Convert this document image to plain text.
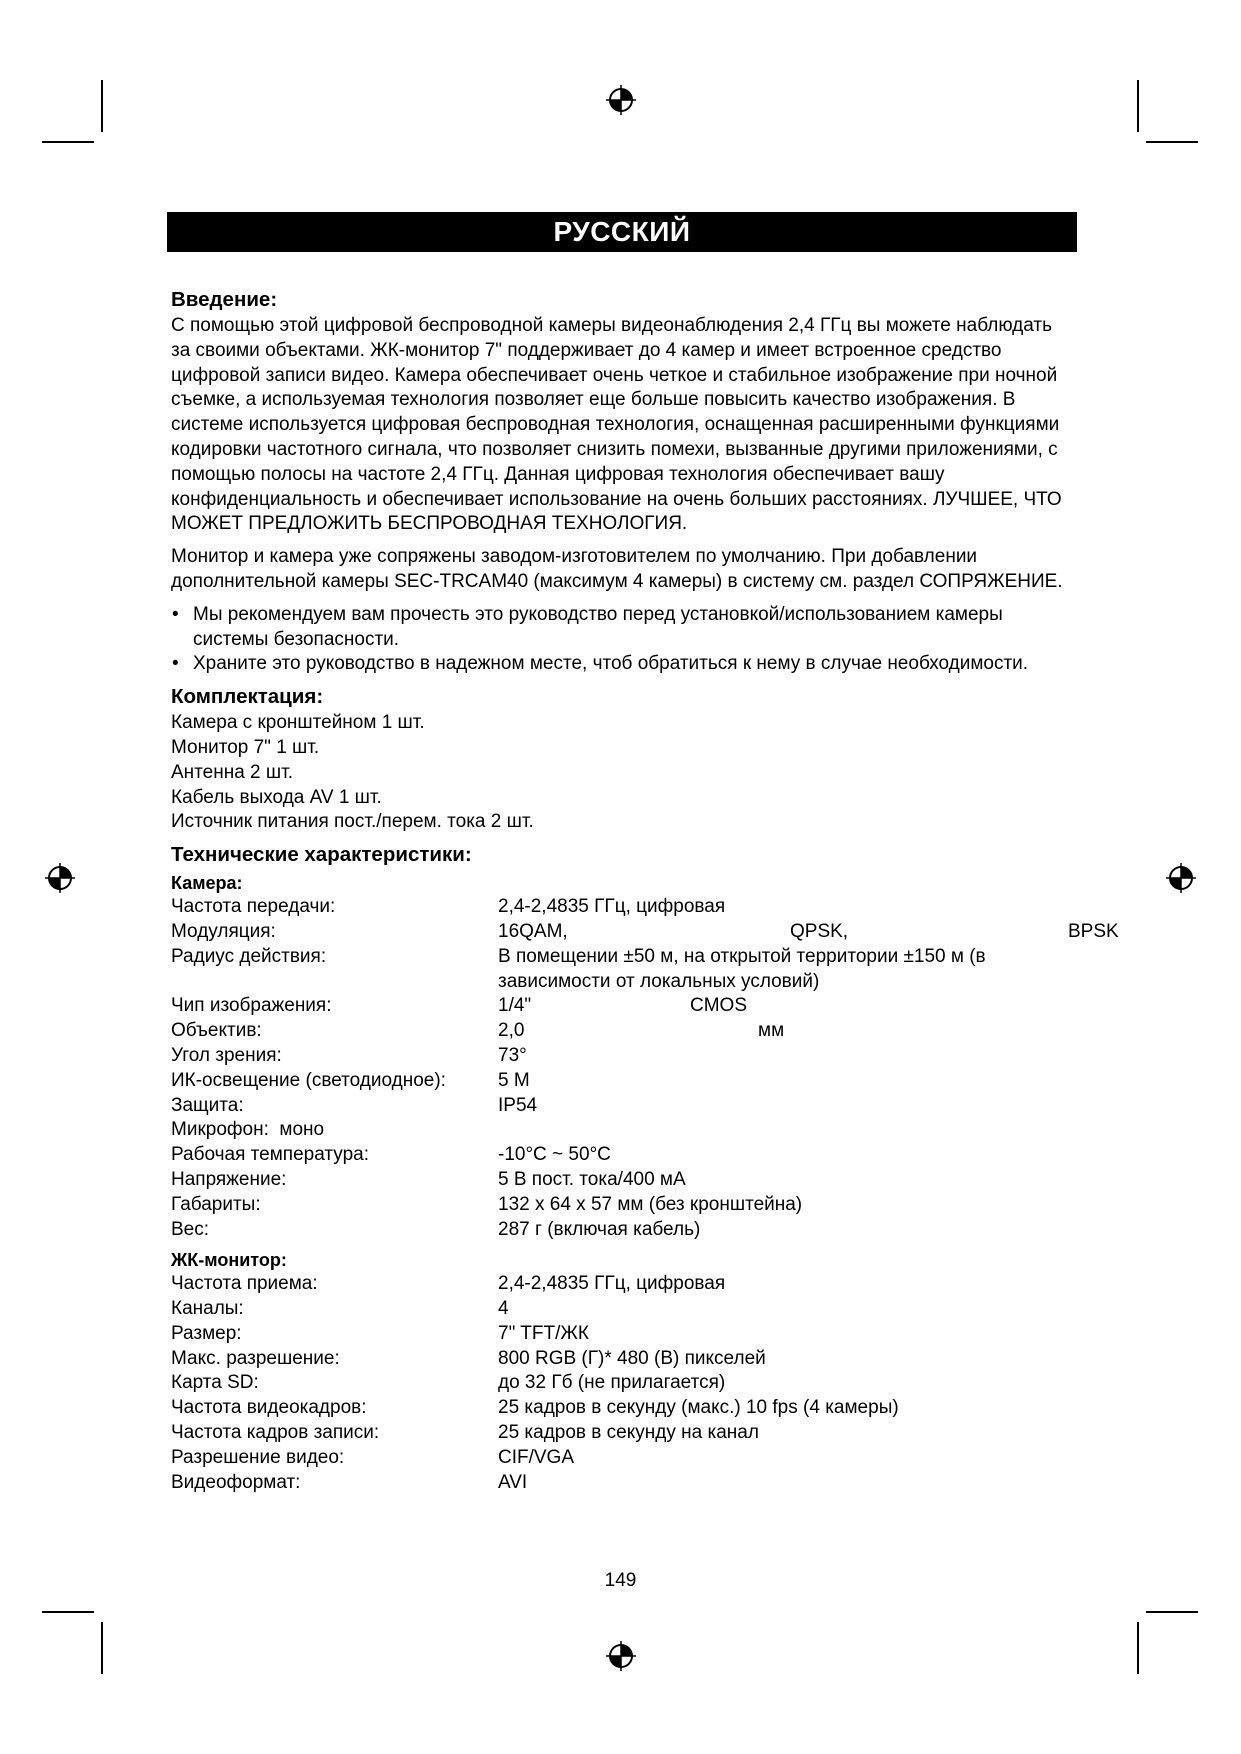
РУССКИЙ
Введение:

С помощью этой цифровой беспроводной камеры видеонаблюдения 2,4 ГГц вы можете наблюдать за своими объектами. ЖК-монитор 7" поддерживает до 4 камер и имеет встроенное средство цифровой записи видео. Камера обеспечивает очень четкое и стабильное изображение при ночной съемке, а используемая технология позволяет еще больше повысить качество изображения. В системе используется цифровая беспроводная технология, оснащенная расширенными функциями кодировки частотного сигнала, что позволяет снизить помехи, вызванные другими приложениями, с помощью полосы на частоте 2,4 ГГц. Данная цифровая технология обеспечивает вашу конфиденциальность и обеспечивает использование на очень больших расстояниях. ЛУЧШЕЕ, ЧТО МОЖЕТ ПРЕДЛОЖИТЬ БЕСПРОВОДНАЯ ТЕХНОЛОГИЯ.

Монитор и камера уже сопряжены заводом-изготовителем по умолчанию. При добавлении дополнительной камеры SEC-TRCAM40 (максимум 4 камеры) в систему см. раздел СОПРЯЖЕНИЕ.

• Мы рекомендуем вам прочесть это руководство перед установкой/использованием камеры системы безопасности.
• Храните это руководство в надежном месте, чтоб обратиться к нему в случае необходимости.
Комплектация:
Камера с кронштейном 1 шт.
Монитор 7" 1 шт.
Антенна 2 шт.
Кабель выхода AV 1 шт.
Источник питания пост./перем. тока 2 шт.
Технические характеристики:
Камера:
Частота передачи:	2,4-2,4835 ГГц, цифровая
Модуляция:	16QAM,	QPSK,	BPSK
Радиус действия:	В помещении ±50 м, на открытой территории ±150 м (в зависимости от локальных условий)
Чип изображения:	1/4"	CMOS
Объектив:	2,0	мм
Угол зрения:	73°
ИК-освещение (светодиодное):	5 М
Защита:	IP54
Микрофон: моно
Рабочая температура:	-10°C ~ 50°C
Напряжение:	5 В пост. тока/400 мА
Габариты:	132 x 64 x 57 мм (без кронштейна)
Вес:	287 г (включая кабель)
ЖК-монитор:
Частота приема:	2,4-2,4835 ГГц, цифровая
Каналы:	4
Размер:	7" TFT/ЖК
Макс. разрешение:	800 RGB (Г)* 480 (В) пикселей
Карта SD:	до 32 Гб (не прилагается)
Частота видеокадров:	25 кадров в секунду (макс.) 10 fps (4 камеры)
Частота кадров записи:	25 кадров в секунду на канал
Разрешение видео:	CIF/VGA
Видеоформат:	AVI
149
